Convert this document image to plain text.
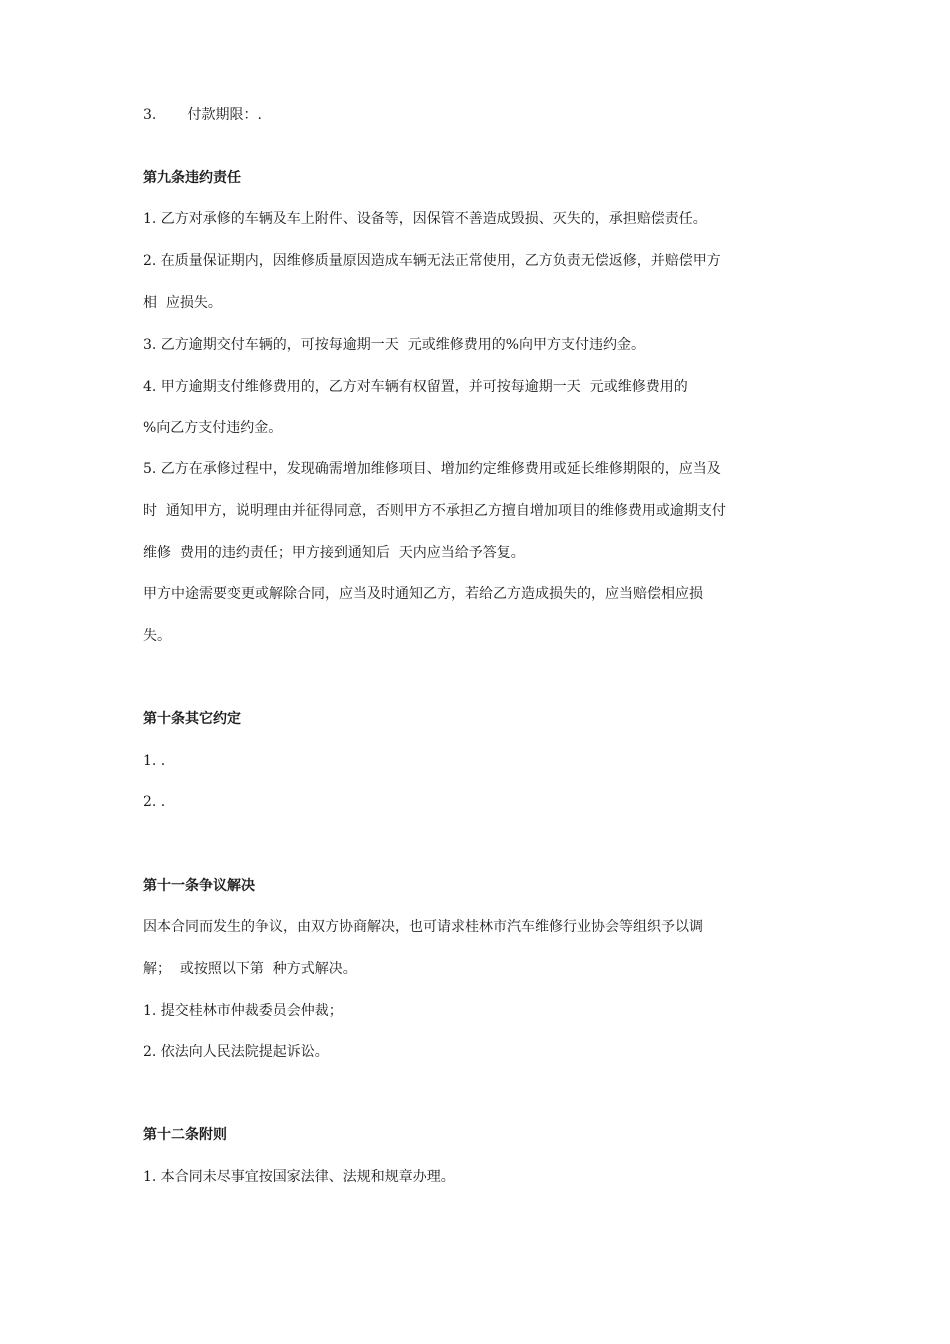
3.       付款期限：.
第九条违约责任
1. 乙方对承修的车辆及车上附件、设备等，因保管不善造成毁损、灭失的，承担赔偿责任。
2. 在质量保证期内，因维修质量原因造成车辆无法正常使用，乙方负责无偿返修，并赔偿甲方
相  应损失。
3. 乙方逾期交付车辆的，可按每逾期一天  元或维修费用的%向甲方支付违约金。
4. 甲方逾期支付维修费用的，乙方对车辆有权留置，并可按每逾期一天  元或维修费用的
%向乙方支付违约金。
5. 乙方在承修过程中，发现确需增加维修项目、增加约定维修费用或延长维修期限的，应当及
时  通知甲方，说明理由并征得同意，否则甲方不承担乙方擅自增加项目的维修费用或逾期支付
维修  费用的违约责任；甲方接到通知后  天内应当给予答复。
甲方中途需要变更或解除合同，应当及时通知乙方，若给乙方造成损失的，应当赔偿相应损
失。
第十条其它约定
1. .
2. .
第十一条争议解决
因本合同而发生的争议，由双方协商解决，也可请求桂林市汽车维修行业协会等组织予以调
解；  或按照以下第  种方式解决。
1. 提交桂林市仲裁委员会仲裁；
2. 依法向人民法院提起诉讼。
第十二条附则
1. 本合同未尽事宜按国家法律、法规和规章办理。
